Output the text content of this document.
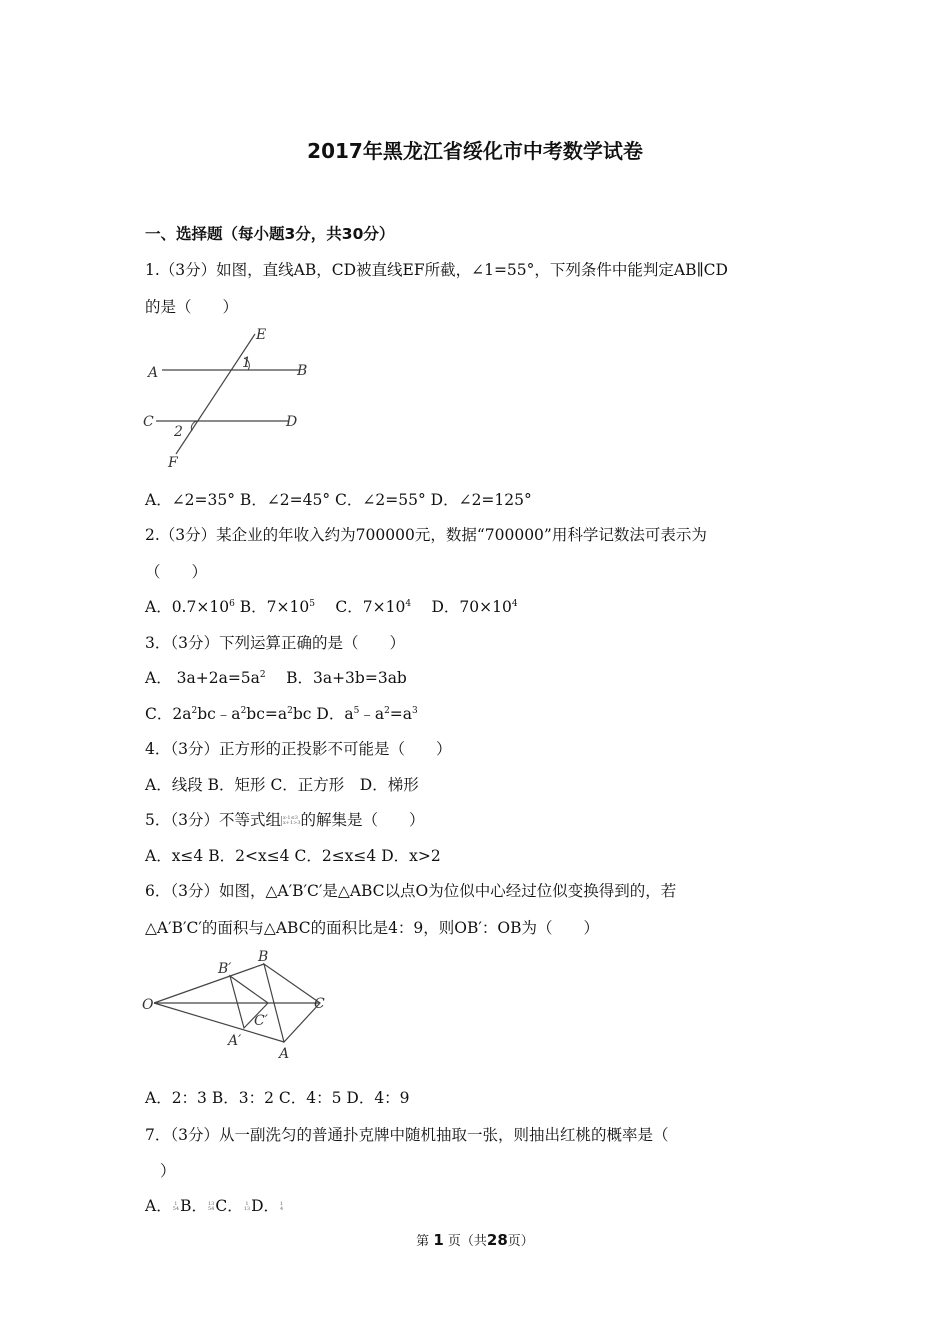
2017年黑龙江省绥化市中考数学试卷
一、选择题（每小题3分，共30分）
1.（3分）如图，直线AB，CD被直线EF所截，∠1=55°，下列条件中能判定AB∥CD
的是（　　）
A	B
C	D
E
F
1
2
A．∠2=35° B．∠2=45° C．∠2=55° D．∠2=125°
2.（3分）某企业的年收入约为700000元，数据“700000”用科学记数法可表示为
（　　）
A．$0.7\times 10^6$ B．$7\times 10^5$ 　C．$7\times 10^4$ 　D．$70\times 10^4$
3．（3分）下列运算正确的是（　　）
A． $3a+2a=5a^2$ 　B．3a+3b=3ab
C．$2a^2bc﹣a^2bc=a^2bc$ D．$a^5﹣a^2=a^3$
4．（3分）正方形的正投影不可能是（　　）
A．线段 B．矩形 C．正方形　D．梯形
5．（3分）不等式组 x-1≤3
x+1>3 的解集是（　　）
A．x≤4 B．2<x≤4 C．2≤x≤4 D．x>2
6．（3分）如图，△A′B′C′是△ABC以点O为位似中心经过位似变换得到的，若
△A′B′C′的面积与△ABC的面积比是4：9，则OB′：OB为（　　）
O
B
C
A
B′
A′
C′
A．2：3 B．3：2 C．4：5 D．4：9
7．（3分）从一副洗匀的普通扑克牌中随机抽取一张，则抽出红桃的概率是（
）
A． 1
54 B． 13
54 C． 1
13 D． 1
4
第 1 页（共28页）
